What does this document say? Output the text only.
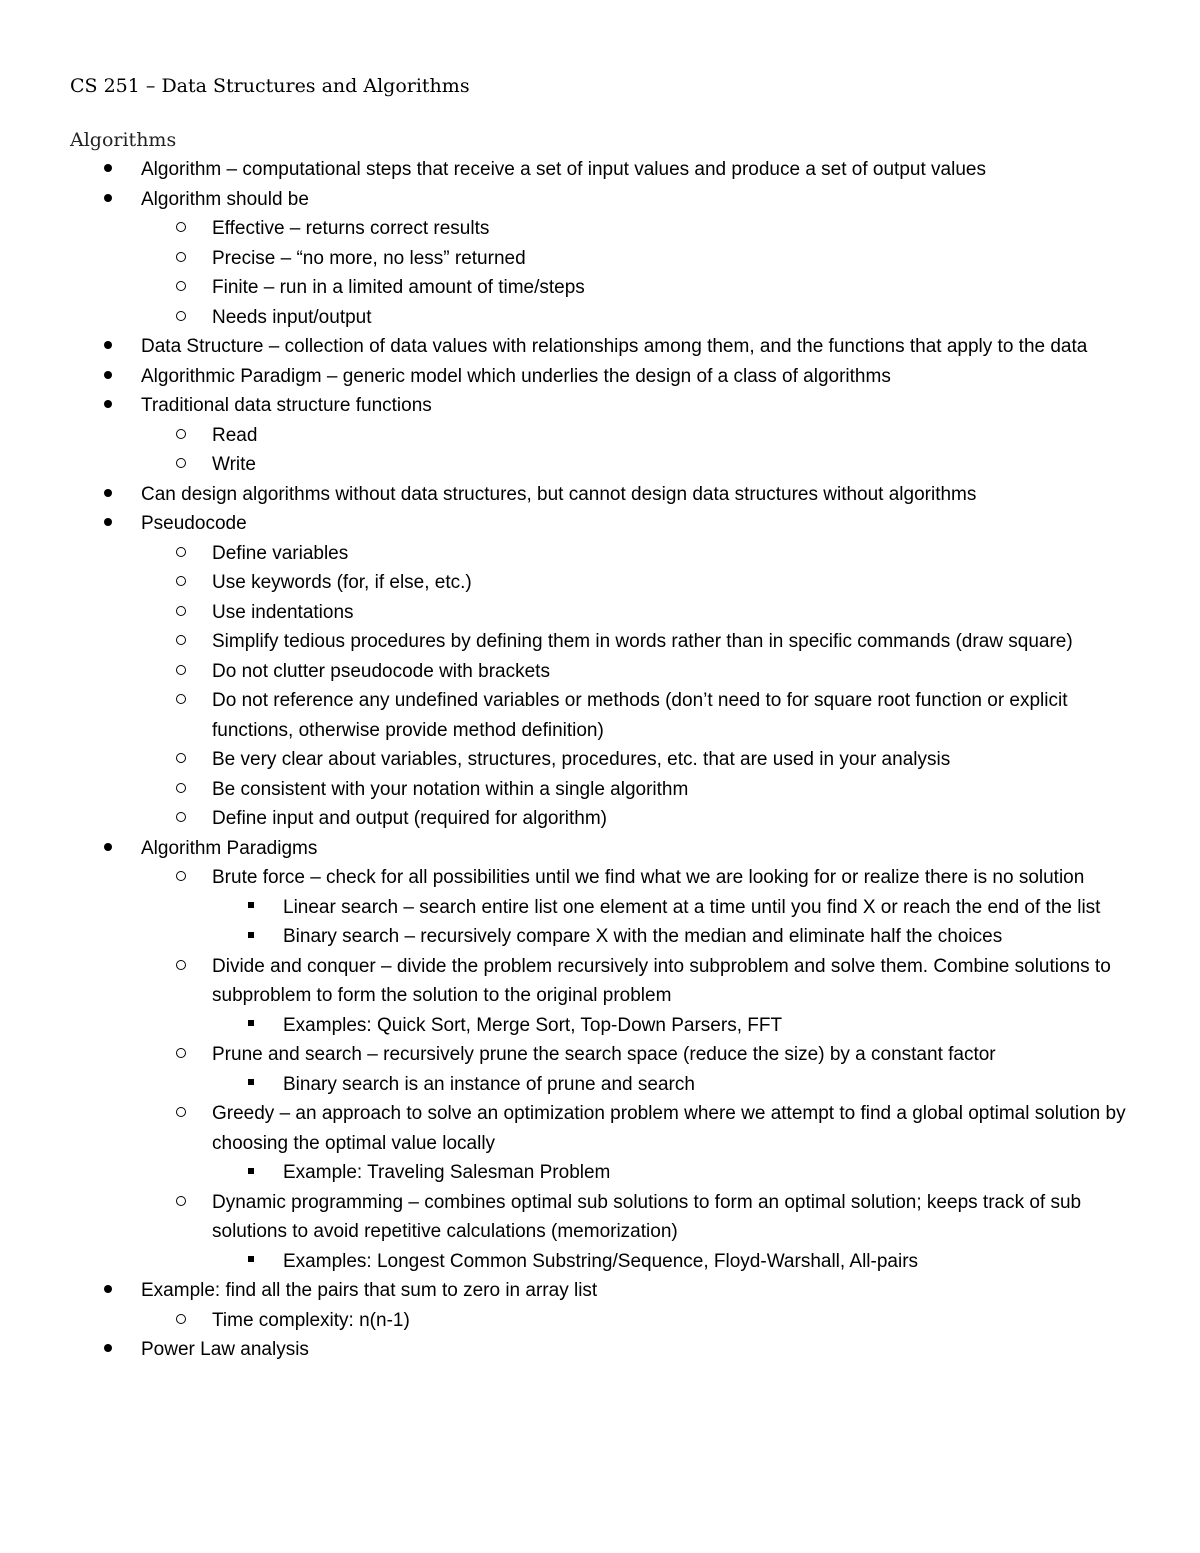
CS 251 – Data Structures and Algorithms
Algorithms
Algorithm – computational steps that receive a set of input values and produce a set of output values
Algorithm should be
Effective – returns correct results
Precise – “no more, no less” returned
Finite – run in a limited amount of time/steps
Needs input/output
Data Structure – collection of data values with relationships among them, and the functions that apply to the data
Algorithmic Paradigm – generic model which underlies the design of a class of algorithms
Traditional data structure functions
Read
Write
Can design algorithms without data structures, but cannot design data structures without algorithms
Pseudocode
Define variables
Use keywords (for, if else, etc.)
Use indentations
Simplify tedious procedures by defining them in words rather than in specific commands (draw square)
Do not clutter pseudocode with brackets
Do not reference any undefined variables or methods (don’t need to for square root function or explicit functions, otherwise provide method definition)
Be very clear about variables, structures, procedures, etc. that are used in your analysis
Be consistent with your notation within a single algorithm
Define input and output (required for algorithm)
Algorithm Paradigms
Brute force – check for all possibilities until we find what we are looking for or realize there is no solution
Linear search – search entire list one element at a time until you find X or reach the end of the list
Binary search – recursively compare X with the median and eliminate half the choices
Divide and conquer – divide the problem recursively into subproblem and solve them. Combine solutions to subproblem to form the solution to the original problem
Examples: Quick Sort, Merge Sort, Top-Down Parsers, FFT
Prune and search – recursively prune the search space (reduce the size) by a constant factor
Binary search is an instance of prune and search
Greedy – an approach to solve an optimization problem where we attempt to find a global optimal solution by choosing the optimal value locally
Example: Traveling Salesman Problem
Dynamic programming – combines optimal sub solutions to form an optimal solution; keeps track of sub solutions to avoid repetitive calculations (memorization)
Examples: Longest Common Substring/Sequence, Floyd-Warshall, All-pairs
Example: find all the pairs that sum to zero in array list
Time complexity: n(n-1)
Power Law analysis
